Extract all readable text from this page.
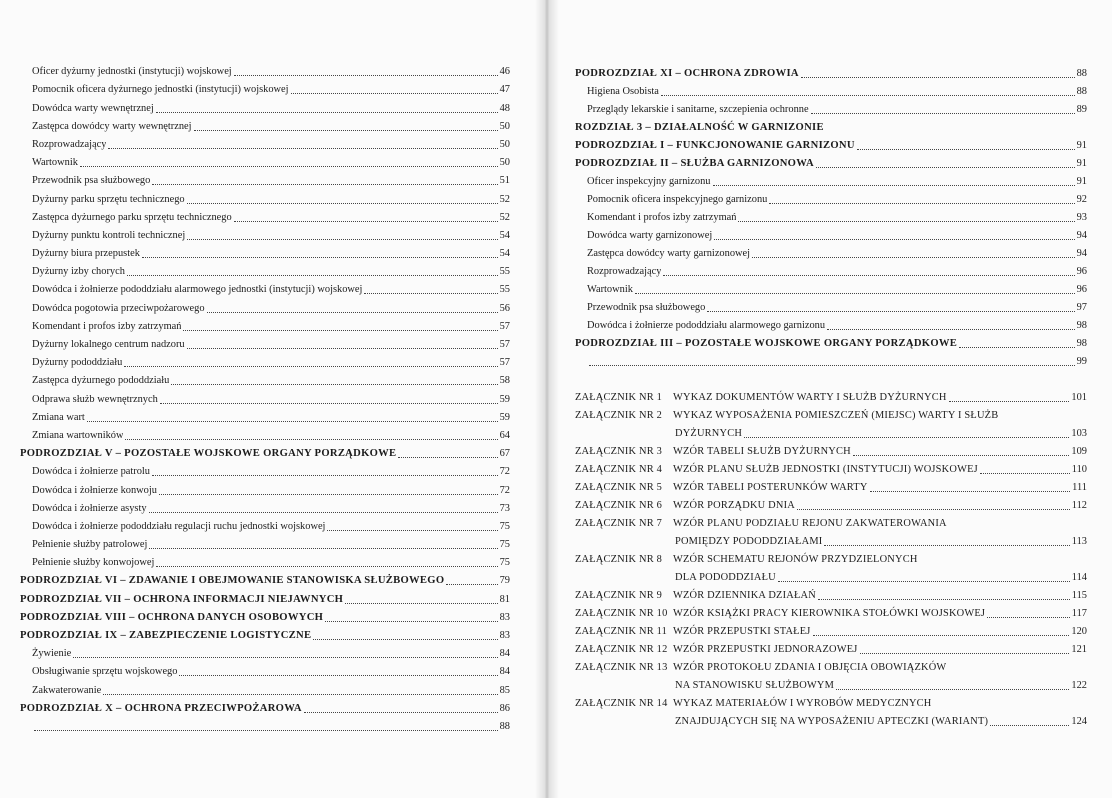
Oficer dyżurny jednostki (instytucji) wojskowej	46
Pomocnik oficera dyżurnego jednostki (instytucji) wojskowej	47
Dowódca warty wewnętrznej	48
Zastępca dowódcy warty wewnętrznej	50
Rozprowadzający	50
Wartownik	50
Przewodnik psa służbowego	51
Dyżurny parku sprzętu technicznego	52
Zastępca dyżurnego parku sprzętu technicznego	52
Dyżurny punktu kontroli technicznej	54
Dyżurny biura przepustek	54
Dyżurny izby chorych	55
Dowódca i żołnierze pododdziału alarmowego jednostki (instytucji) wojskowej	55
Dowódca pogotowia przeciwpożarowego	56
Komendant i profos izby zatrzymań	57
Dyżurny lokalnego centrum nadzoru	57
Dyżurny pododdziału	57
Zastępca dyżurnego pododdziału	58
Odprawa służb wewnętrznych	59
Zmiana wart	59
Zmiana wartowników	64
PODROZDZIAŁ V – POZOSTAŁE WOJSKOWE ORGANY PORZĄDKOWE	67
Dowódca i żołnierze patrolu	72
Dowódca i żołnierze konwoju	72
Dowódca i żołnierze asysty	73
Dowódca i żołnierze pododdziału regulacji ruchu jednostki wojskowej	75
Pełnienie służby patrolowej	75
Pełnienie służby konwojowej	75
PODROZDZIAŁ VI – ZDAWANIE I OBEJMOWANIE STANOWISKA SŁUŻBOWEGO	79
PODROZDZIAŁ VII – OCHRONA INFORMACJI NIEJAWNYCH	81
PODROZDZIAŁ VIII – OCHRONA DANYCH OSOBOWYCH	83
PODROZDZIAŁ IX – ZABEZPIECZENIE LOGISTYCZNE	83
Żywienie	84
Obsługiwanie sprzętu wojskowego	84
Zakwaterowanie	85
PODROZDZIAŁ X – OCHRONA PRZECIWPOŻAROWA	86
88
PODROZDZIAŁ XI – OCHRONA ZDROWIA	88
Higiena Osobista	88
Przeglądy lekarskie i sanitarne, szczepienia ochronne	89
ROZDZIAŁ 3 – DZIAŁALNOŚĆ W GARNIZONIE
PODROZDZIAŁ I – FUNKCJONOWANIE GARNIZONU	91
PODROZDZIAŁ II – SŁUŻBA GARNIZONOWA	91
Oficer inspekcyjny garnizonu	91
Pomocnik oficera inspekcyjnego garnizonu	92
Komendant i profos izby zatrzymań	93
Dowódca warty garnizonowej	94
Zastępca dowódcy warty garnizonowej	94
Rozprowadzający	96
Wartownik	96
Przewodnik psa służbowego	97
Dowódca i żołnierze pododdziału alarmowego garnizonu	98
PODROZDZIAŁ III – POZOSTAŁE WOJSKOWE ORGANY PORZĄDKOWE	98
99
ZAŁĄCZNIK NR 1 WYKAZ DOKUMENTÓW WARTY I SŁUŻB DYŻURNYCH	101
ZAŁĄCZNIK NR 2 WYKAZ WYPOSAŻENIA POMIESZCZEŃ (MIEJSC) WARTY I SŁUŻB
DYŻURNYCH	103
ZAŁĄCZNIK NR 3 WZÓR TABELI SŁUŻB DYŻURNYCH	109
ZAŁĄCZNIK NR 4 WZÓR PLANU SŁUŻB JEDNOSTKI (INSTYTUCJI) WOJSKOWEJ	110
ZAŁĄCZNIK NR 5 WZÓR TABELI POSTERUNKÓW WARTY	111
ZAŁĄCZNIK NR 6 WZÓR PORZĄDKU DNIA	112
ZAŁĄCZNIK NR 7 WZÓR PLANU PODZIAŁU REJONU ZAKWATEROWANIA
POMIĘDZY PODODDZIAŁAMI	113
ZAŁĄCZNIK NR 8 WZÓR SCHEMATU REJONÓW PRZYDZIELONYCH
DLA PODODDZIAŁU	114
ZAŁĄCZNIK NR 9 WZÓR DZIENNIKA DZIAŁAŃ	115
ZAŁĄCZNIK NR 10 WZÓR KSIĄŻKI PRACY KIEROWNIKA STOŁÓWKI WOJSKOWEJ	117
ZAŁĄCZNIK NR 11 WZÓR PRZEPUSTKI STAŁEJ	120
ZAŁĄCZNIK NR 12 WZÓR PRZEPUSTKI JEDNORAZOWEJ	121
ZAŁĄCZNIK NR 13 WZÓR PROTOKOŁU ZDANIA I OBJĘCIA OBOWIĄZKÓW
NA STANOWISKU SŁUŻBOWYM	122
ZAŁĄCZNIK NR 14 WYKAZ MATERIAŁÓW I WYROBÓW MEDYCZNYCH
ZNAJDUJĄCYCH SIĘ NA WYPOSAŻENIU APTECZKI (WARIANT)	124
